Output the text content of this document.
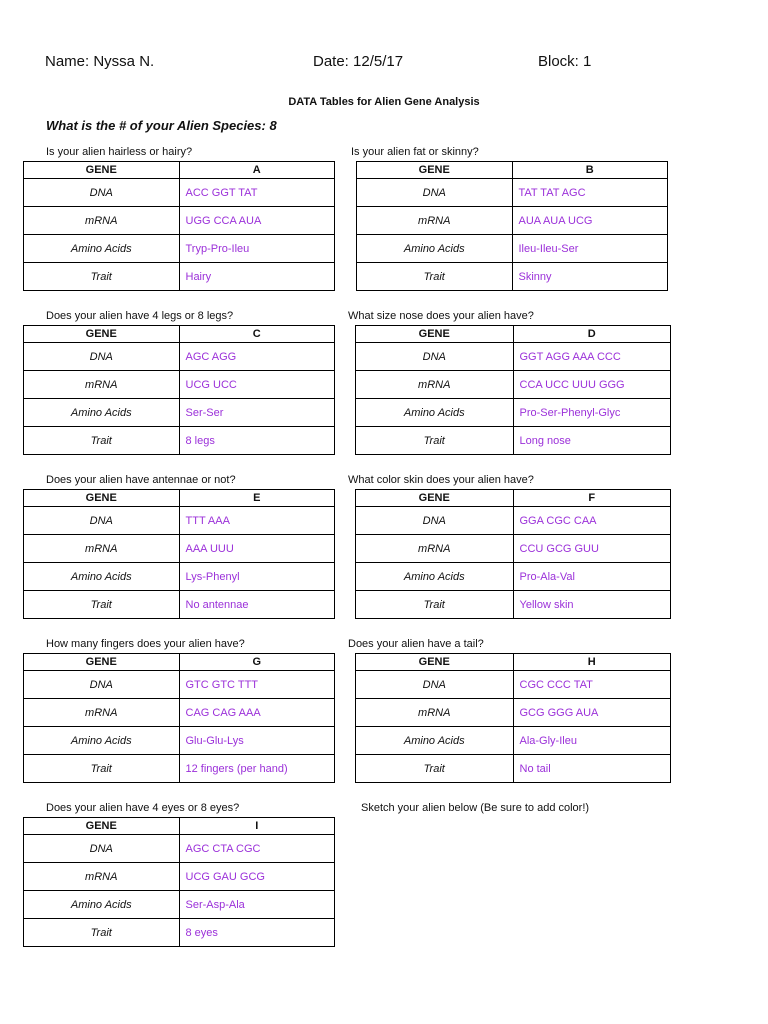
Name: Nyssa N.	Date: 12/5/17	Block: 1
DATA Tables for Alien Gene Analysis
What is the # of your Alien Species: 8
Is your alien hairless or hairy?
GENE	A
DNA	ACC GGT TAT
mRNA	UGG CCA AUA
Amino Acids	Tryp-Pro-Ileu
Trait	Hairy
Is your alien fat or skinny?
GENE	B
DNA	TAT TAT AGC
mRNA	AUA AUA UCG
Amino Acids	Ileu-Ileu-Ser
Trait	Skinny
Does your alien have 4 legs or 8 legs?
GENE	C
DNA	AGC AGG
mRNA	UCG UCC
Amino Acids	Ser-Ser
Trait	8 legs
What size nose does your alien have?
GENE	D
DNA	GGT AGG AAA CCC
mRNA	CCA UCC UUU GGG
Amino Acids	Pro-Ser-Phenyl-Glyc
Trait	Long nose
Does your alien have antennae or not?
GENE	E
DNA	TTT AAA
mRNA	AAA UUU
Amino Acids	Lys-Phenyl
Trait	No antennae
What color skin does your alien have?
GENE	F
DNA	GGA CGC CAA
mRNA	CCU GCG GUU
Amino Acids	Pro-Ala-Val
Trait	Yellow skin
How many fingers does your alien have?
GENE	G
DNA	GTC GTC TTT
mRNA	CAG CAG AAA
Amino Acids	Glu-Glu-Lys
Trait	12 fingers (per hand)
Does your alien have a tail?
GENE	H
DNA	CGC CCC TAT
mRNA	GCG GGG AUA
Amino Acids	Ala-Gly-Ileu
Trait	No tail
Does your alien have 4 eyes or 8 eyes?
GENE	I
DNA	AGC CTA CGC
mRNA	UCG GAU GCG
Amino Acids	Ser-Asp-Ala
Trait	8 eyes
Sketch your alien below (Be sure to add color!)
